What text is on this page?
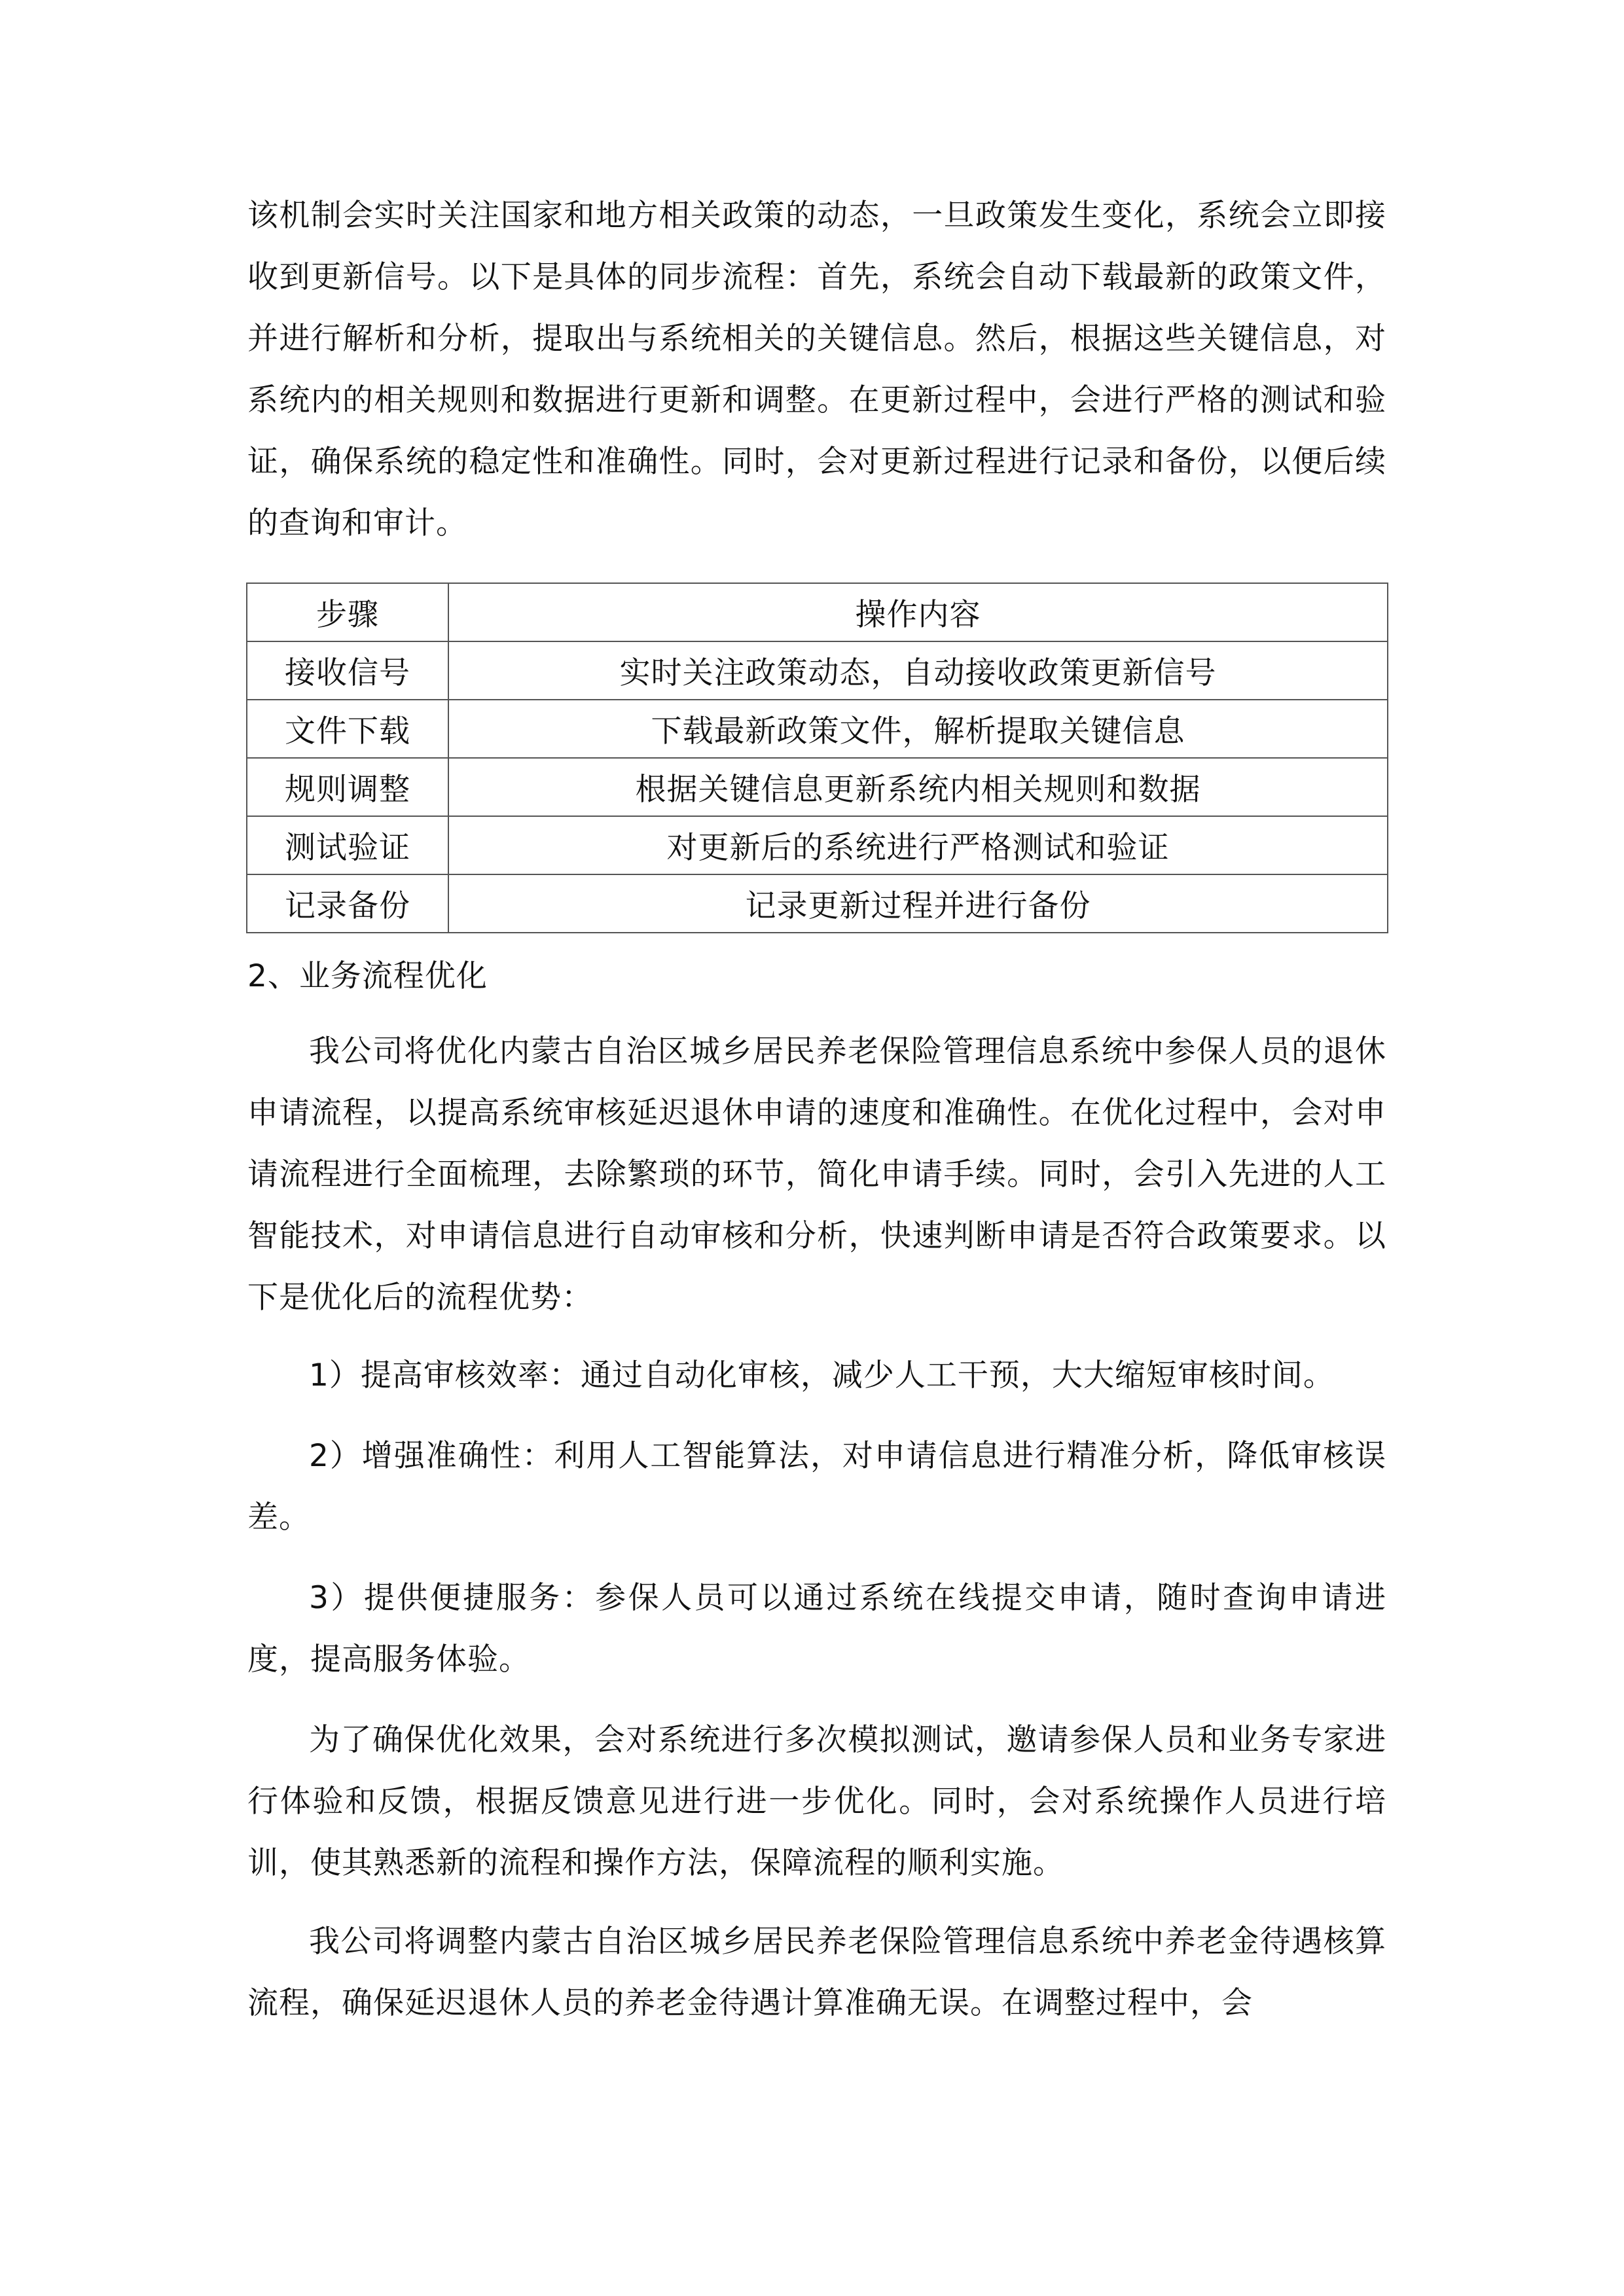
该机制会实时关注国家和地方相关政策的动态，一旦政策发生变化，系统会立即接收到更新信号。以下是具体的同步流程：首先，系统会自动下载最新的政策文件，并进行解析和分析，提取出与系统相关的关键信息。然后，根据这些关键信息，对系统内的相关规则和数据进行更新和调整。在更新过程中，会进行严格的测试和验证，确保系统的稳定性和准确性。同时，会对更新过程进行记录和备份，以便后续的查询和审计。

步骤	操作内容
接收信号	实时关注政策动态，自动接收政策更新信号
文件下载	下载最新政策文件，解析提取关键信息
规则调整	根据关键信息更新系统内相关规则和数据
测试验证	对更新后的系统进行严格测试和验证
记录备份	记录更新过程并进行备份
2、业务流程优化

我公司将优化内蒙古自治区城乡居民养老保险管理信息系统中参保人员的退休申请流程，以提高系统审核延迟退休申请的速度和准确性。在优化过程中，会对申请流程进行全面梳理，去除繁琐的环节，简化申请手续。同时，会引入先进的人工智能技术，对申请信息进行自动审核和分析，快速判断申请是否符合政策要求。以下是优化后的流程优势：

1）提高审核效率：通过自动化审核，减少人工干预，大大缩短审核时间。

2）增强准确性：利用人工智能算法，对申请信息进行精准分析，降低审核误差。

3）提供便捷服务：参保人员可以通过系统在线提交申请，随时查询申请进度，提高服务体验。

为了确保优化效果，会对系统进行多次模拟测试，邀请参保人员和业务专家进行体验和反馈，根据反馈意见进行进一步优化。同时，会对系统操作人员进行培训，使其熟悉新的流程和操作方法，保障流程的顺利实施。

我公司将调整内蒙古自治区城乡居民养老保险管理信息系统中养老金待遇核算流程，确保延迟退休人员的养老金待遇计算准确无误。在调整过程中，会
